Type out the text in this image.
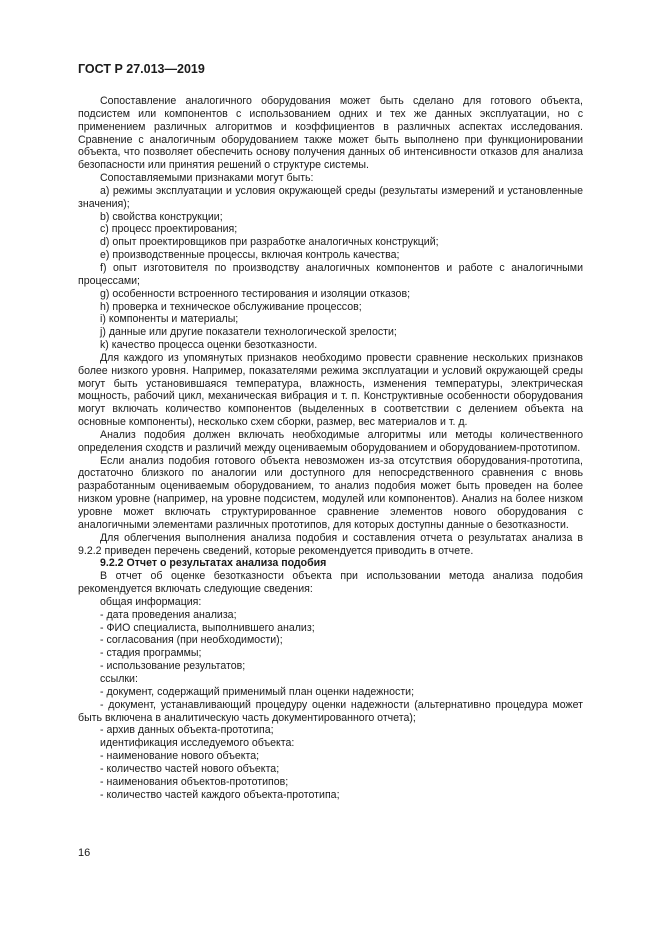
ГОСТ Р 27.013—2019

Сопоставление аналогичного оборудования может быть сделано для готового объекта, подсистем или компонентов с использованием одних и тех же данных эксплуатации, но с применением различных алгоритмов и коэффициентов в различных аспектах исследования. Сравнение с аналогичным оборудованием также может быть выполнено при функционировании объекта, что позволяет обеспечить основу получения данных об интенсивности отказов для анализа безопасности или принятия решений о структуре системы.

Сопоставляемыми признаками могут быть:

а) режимы эксплуатации и условия окружающей среды (результаты измерений и установленные значения);

b) свойства конструкции;

c) процесс проектирования;

d) опыт проектировщиков при разработке аналогичных конструкций;

e) производственные процессы, включая контроль качества;

f) опыт изготовителя по производству аналогичных компонентов и работе с аналогичными процессами;

g) особенности встроенного тестирования и изоляции отказов;

h) проверка и техническое обслуживание процессов;

i) компоненты и материалы;

j) данные или другие показатели технологической зрелости;

k) качество процесса оценки безотказности.

Для каждого из упомянутых признаков необходимо провести сравнение нескольких признаков более низкого уровня. Например, показателями режима эксплуатации и условий окружающей среды могут быть установившаяся температура, влажность, изменения температуры, электрическая мощность, рабочий цикл, механическая вибрация и т. п. Конструктивные особенности оборудования могут включать количество компонентов (выделенных в соответствии с делением объекта на основные компоненты), несколько схем сборки, размер, вес материалов и т. д.

Анализ подобия должен включать необходимые алгоритмы или методы количественного определения сходств и различий между оцениваемым оборудованием и оборудованием-прототипом.

Если анализ подобия готового объекта невозможен из-за отсутствия оборудования-прототипа, достаточно близкого по аналогии или доступного для непосредственного сравнения с вновь разработанным оцениваемым оборудованием, то анализ подобия может быть проведен на более низком уровне (например, на уровне подсистем, модулей или компонентов). Анализ на более низком уровне может включать структурированное сравнение элементов нового оборудования с аналогичными элементами различных прототипов, для которых доступны данные о безотказности.

Для облегчения выполнения анализа подобия и составления отчета о результатах анализа в 9.2.2 приведен перечень сведений, которые рекомендуется приводить в отчете.

9.2.2 Отчет о результатах анализа подобия

В отчет об оценке безотказности объекта при использовании метода анализа подобия рекомендуется включать следующие сведения:

общая информация:

- дата проведения анализа;

- ФИО специалиста, выполнившего анализ;

- согласования (при необходимости);

- стадия программы;

- использование результатов;

ссылки:

- документ, содержащий применимый план оценки надежности;

- документ, устанавливающий процедуру оценки надежности (альтернативно процедура может быть включена в аналитическую часть документированного отчета);

- архив данных объекта-прототипа;

идентификация исследуемого объекта:

- наименование нового объекта;

- количество частей нового объекта;

- наименования объектов-прототипов;

- количество частей каждого объекта-прототипа;

16
